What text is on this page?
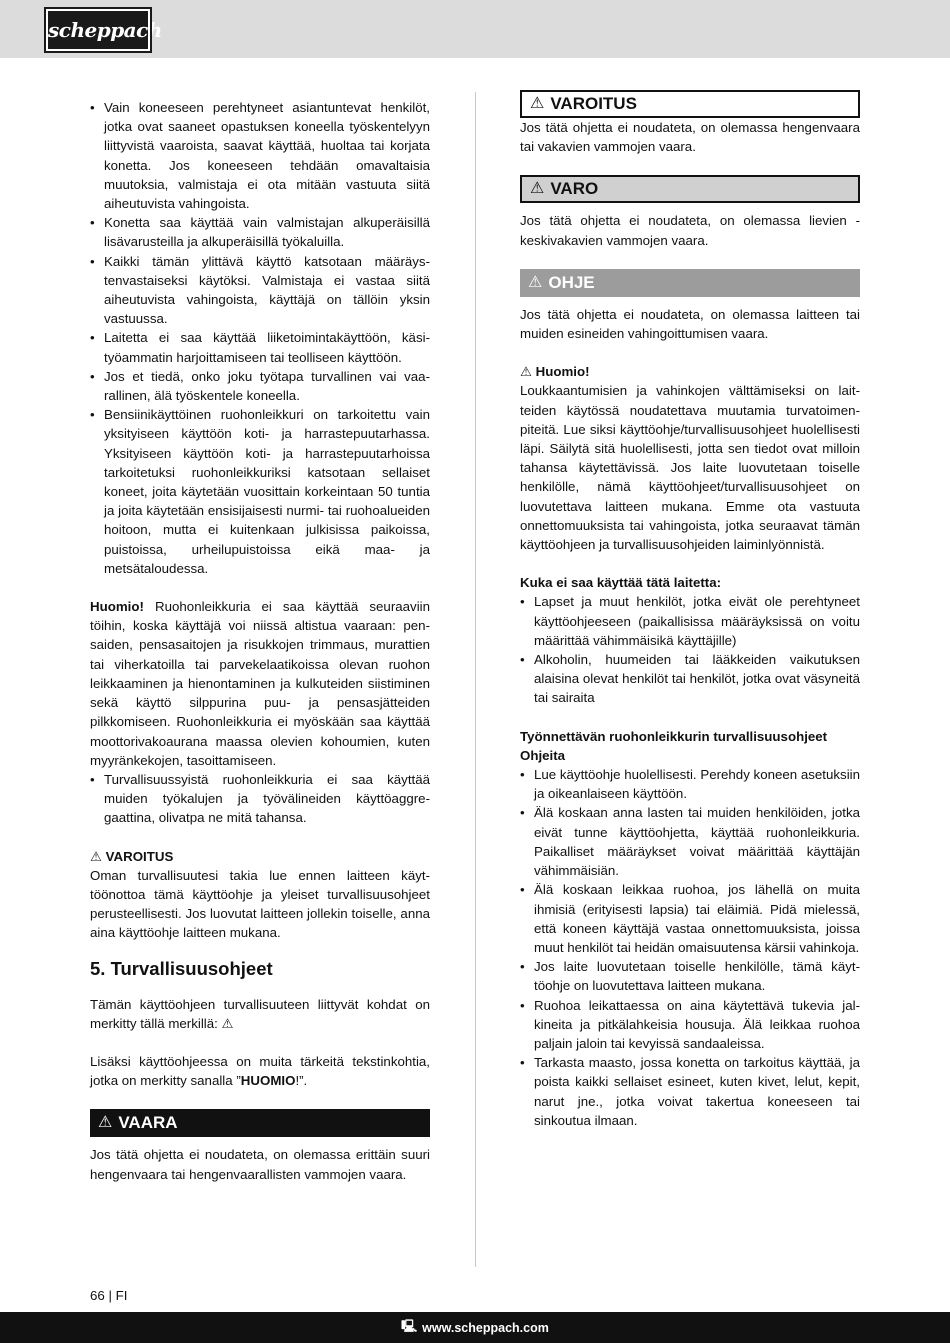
scheppach
• Vain koneeseen perehtyneet asiantuntevat henkilöt, jotka ovat saaneet opastuksen koneella työskentelyyn liittyvistä vaaroista, saavat käyttää, huoltaa tai korjata konetta. Jos koneeseen tehdään omavaltaisia muutoksia, valmistaja ei ota mitään vastuuta siitä aiheutuvista vahingoista.
• Konetta saa käyttää vain valmistajan alkuperäisillä lisävarusteilla ja alkuperäisillä työkaluilla.
• Kaikki tämän ylittävä käyttö katsotaan määräystenvastaiseksi käytöksi. Valmistaja ei vastaa siitä aiheutuvista vahingoista, käyttäjä on tällöin yksin vastuussa.
• Laitetta ei saa käyttää liiketoimintakäyttöön, käsityöammatin harjoittamiseen tai teolliseen käyttöön.
• Jos et tiedä, onko joku työtapa turvallinen vai vaarallinen, älä työskentele koneella.
• Bensiinikäyttöinen ruohonleikkuri on tarkoitettu vain yksityiseen käyttöön koti- ja harrastepuutarhassa. Yksityiseen käyttöön koti- ja harrastepuutarhoissa tarkoitetuksi ruohonleikkuriksi katsotaan sellaiset koneet, joita käytetään vuosittain korkeintaan 50 tuntia ja joita käytetään ensisijaisesti nurmi- tai ruohoalueiden hoitoon, mutta ei kuitenkaan julkisissa paikoissa, puistoissa, urheilupuistoissa eikä maa- ja metsätaloudessa.

Huomio! Ruohonleikkuria ei saa käyttää seuraaviin töihin, koska käyttäjä voi niissä altistua vaaraan: pensaiden, pensasaitojen ja risukkojen trimmaus, murattien tai viherkatoilla tai parvekelaatikoissa olevan ruohon leikkaaminen ja hienontaminen ja kulkuteiden siistiminen sekä käyttö silppurina puu- ja pensasjätteiden pilkkomiseen. Ruohonleikkuria ei myöskään saa käyttää moottorivakoaurana maassa olevien kohoumien, kuten myyränkekojen, tasoittamiseen.

• Turvallisuussyistä ruohonleikkuria ei saa käyttää muiden työkalujen ja työvälineiden käyttöaggregaattina, olivatpa ne mitä tahansa.

⚠ VAROITUS

Oman turvallisuutesi takia lue ennen laitteen käyttöönottoa tämä käyttöohje ja yleiset turvallisuusohjeet perusteellisesti. Jos luovutat laitteen jollekin toiselle, anna aina käyttöohje laitteen mukana.

5. Turvallisuusohjeet

Tämän käyttöohjeen turvallisuuteen liittyvät kohdat on merkitty tällä merkillä: ⚠

Lisäksi käyttöohjeessa on muita tärkeitä tekstinkohtia, jotka on merkitty sanalla ”HUOMIO!”.

⚠ VAARA

Jos tätä ohjetta ei noudateta, on olemassa erittäin suuri hengenvaara tai hengenvaarallisten vammojen vaara.

⚠ VAROITUS

Jos tätä ohjetta ei noudateta, on olemassa hengenvaara tai vakavien vammojen vaara.

⚠ VARO

Jos tätä ohjetta ei noudateta, on olemassa lievien - keskivakavien vammojen vaara.

⚠ OHJE

Jos tätä ohjetta ei noudateta, on olemassa laitteen tai muiden esineiden vahingoittumisen vaara.

⚠ Huomio!

Loukkaantumisien ja vahinkojen välttämiseksi on laitteiden käytössä noudatettava muutamia turvatoimenpiteitä. Lue siksi käyttöohje/turvallisuusohjeet huolellisesti läpi. Säilytä sitä huolellisesti, jotta sen tiedot ovat milloin tahansa käytettävissä. Jos laite luovutetaan toiselle henkilölle, nämä käyttöohjeet/turvallisuusohjeet on luovutettava laitteen mukana. Emme ota vastuuta onnettomuuksista tai vahingoista, jotka seuraavat tämän käyttöohjeen ja turvallisuusohjeiden laiminlyönnistä.

Kuka ei saa käyttää tätä laitetta:

• Lapset ja muut henkilöt, jotka eivät ole perehtyneet käyttöohjeeseen (paikallisissa määräyksissä on voitu määrittää vähimmäisikä käyttäjille)
• Alkoholin, huumeiden tai lääkkeiden vaikutuksen alaisina olevat henkilöt tai henkilöt, jotka ovat väsyneitä tai sairaita

Työnnettävän ruohonleikkurin turvallisuusohjeet

Ohjeita

• Lue käyttöohje huolellisesti. Perehdy koneen asetuksiin ja oikeanlaiseen käyttöön.
• Älä koskaan anna lasten tai muiden henkilöiden, jotka eivät tunne käyttöohjetta, käyttää ruohonleikkuria. Paikalliset määräykset voivat määrittää käyttäjän vähimmäisiän.
• Älä koskaan leikkaa ruohoa, jos lähellä on muita ihmisiä (erityisesti lapsia) tai eläimiä. Pidä mielessä, että koneen käyttäjä vastaa onnettomuuksista, joissa muut henkilöt tai heidän omaisuutensa kärsii vahinkoja.
• Jos laite luovutetaan toiselle henkilölle, tämä käyttöohje on luovutettava laitteen mukana.
• Ruohoa leikattaessa on aina käytettävä tukevia jalkineita ja pitkälahkeisia housuja. Älä leikkaa ruohoa paljain jaloin tai kevyissä sandaaleissa.
• Tarkasta maasto, jossa konetta on tarkoitus käyttää, ja poista kaikki sellaiset esineet, kuten kivet, lelut, kepit, narut jne., jotka voivat takertua koneeseen tai sinkoutua ilmaan.
66 | FI
🖳 www.scheppach.com
